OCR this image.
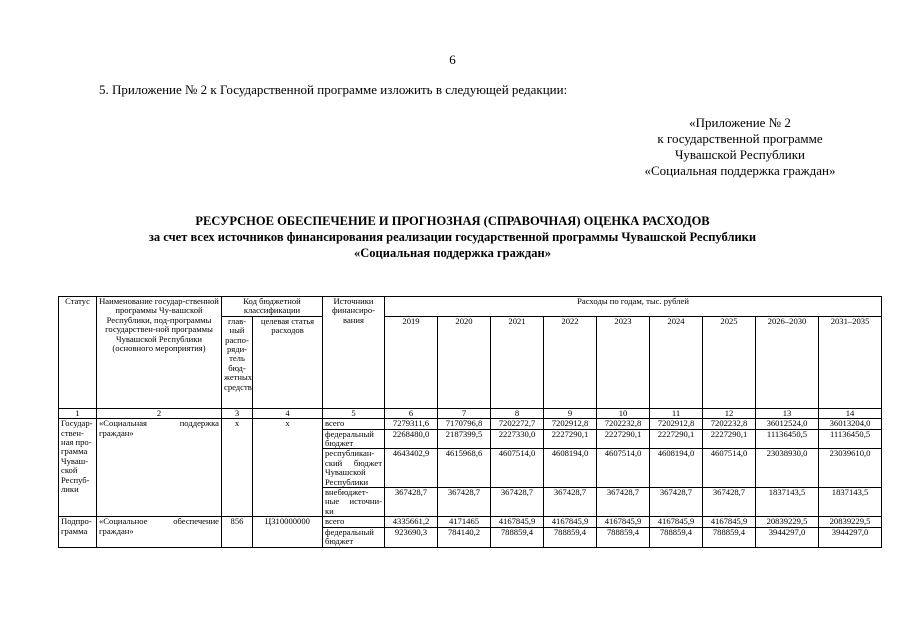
6
5. Приложение № 2 к Государственной программе изложить в следующей редакции:
«Приложение № 2
к государственной программе
Чувашской Республики
«Социальная поддержка граждан»
РЕСУРСНОЕ ОБЕСПЕЧЕНИЕ И ПРОГНОЗНАЯ (СПРАВОЧНАЯ) ОЦЕНКА РАСХОДОВ
за счет всех источников финансирования реализации государственной программы Чувашской Республики
«Социальная поддержка граждан»
Статус	Наименование государ-ственной программы Чу-вашской Республики, под-программы государствен-ной программы Чувашской Республики (основного мероприятия)	Код бюджетной классификации		Источники финансиро-вания	Расходы по годам, тыс. рублей								
		глав-ный распо-ряди-тель бюд-жетных средств	целевая статья расходов		2019	2020	2021	2022	2023	2024	2025	2026–2030	2031–2035
1	2	3	4	5	6	7	8	9	10	11	12	13	14
Государ-ствен-ная про-грамма Чуваш-ской Респуб-лики	«Социальная поддержка граждан»	x	x	всего	7279311,6	7170796,8	7202272,7	7202912,8	7202232,8	7202912,8	7202232,8	36012524,0	36013204,0
				федеральный бюджет	2268480,0	2187399,5	2227330,0	2227290,1	2227290,1	2227290,1	2227290,1	11136450,5	11136450,5
				республикан-ский бюджет Чувашской Республики	4643402,9	4615968,6	4607514,0	4608194,0	4607514,0	4608194,0	4607514,0	23038930,0	23039610,0
				внебюджет-ные источни-ки	367428,7	367428,7	367428,7	367428,7	367428,7	367428,7	367428,7	1837143,5	1837143,5
Подпро-грамма	«Социальное обеспечение граждан»	856	Ц310000000	всего	4335661,2	4171465	4167845,9	4167845,9	4167845,9	4167845,9	4167845,9	20839229,5	20839229,5
				федеральный бюджет	923690,3	784140,2	788859,4	788859,4	788859,4	788859,4	788859,4	3944297,0	3944297,0
